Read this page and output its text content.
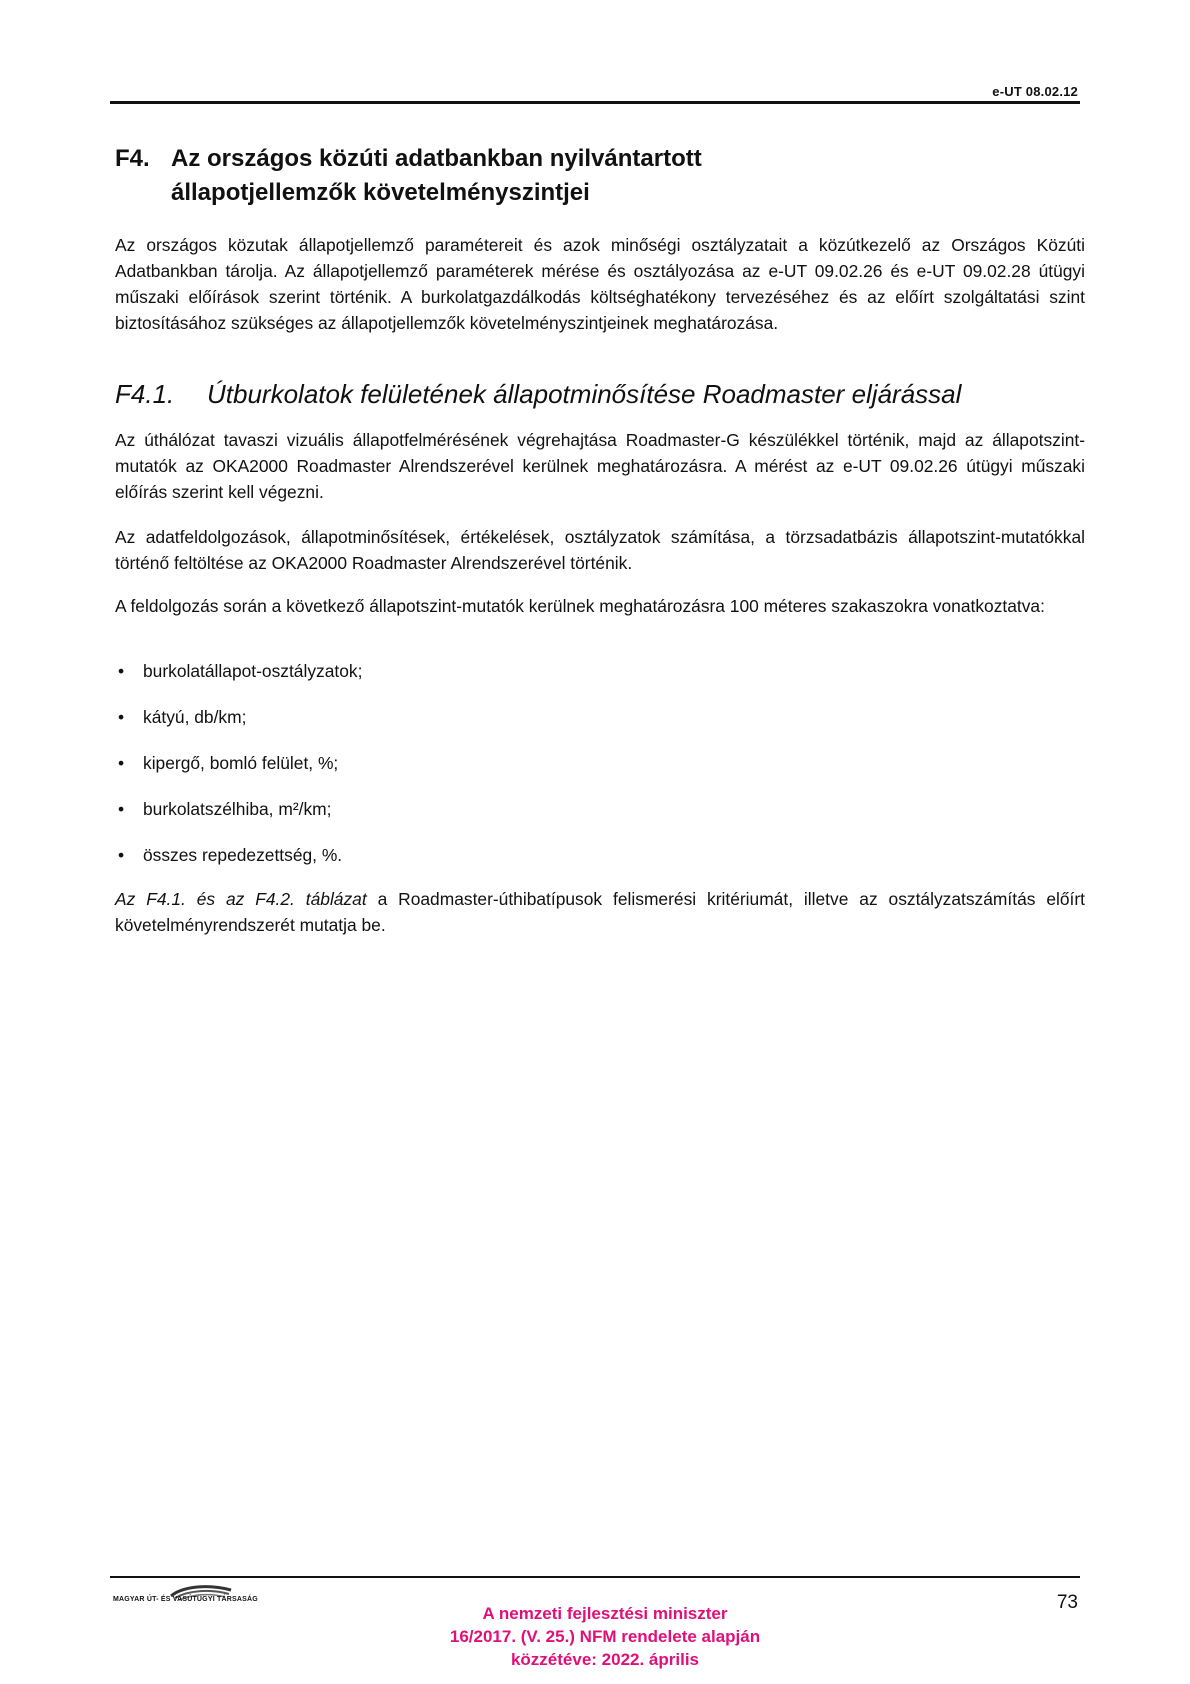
e-UT 08.02.12
F4. Az országos közúti adatbankban nyilvántartott
állapotjellemzők követelményszintjei
Az országos közutak állapotjellemző paramétereit és azok minőségi osztályzatait a közútkezelő az Országos Közúti Adatbankban tárolja. Az állapotjellemző paraméterek mérése és osztályozása az e-UT 09.02.26 és e-UT 09.02.28 útügyi műszaki előírások szerint történik. A burkolatgazdálkodás költséghatékony tervezéséhez és az előírt szolgáltatási szint biztosításához szükséges az állapotjellemzők követelményszintjeinek meghatározása.
F4.1. Útburkolatok felületének állapotminősítése Roadmaster eljárással
Az úthálózat tavaszi vizuális állapotfelmérésének végrehajtása Roadmaster-G készülékkel történik, majd az állapotszint-mutatók az OKA2000 Roadmaster Alrendszerével kerülnek meghatározásra. A mérést az e-UT 09.02.26 útügyi műszaki előírás szerint kell végezni.
Az adatfeldolgozások, állapotminősítések, értékelések, osztályzatok számítása, a törzsadatbázis állapotszint-mutatókkal történő feltöltése az OKA2000 Roadmaster Alrendszerével történik.
A feldolgozás során a következő állapotszint-mutatók kerülnek meghatározásra 100 méteres szakaszokra vonatkoztatva:
• burkolatállapot-osztályzatok;
• kátyú, db/km;
• kipergő, bomló felület, %;
• burkolatszélhiba, m²/km;
• összes repedezettség, %.
Az F4.1. és az F4.2. táblázat a Roadmaster-úthibatípusok felismerési kritériumát, illetve az osztályzatszámítás előírt követelményrendszerét mutatja be.
MAGYAR ÚT- ÉS VASÚTÜGYI TÁRSASÁG	73
A nemzeti fejlesztési miniszter
16/2017. (V. 25.) NFM rendelete alapján
közzétéve: 2022. április
